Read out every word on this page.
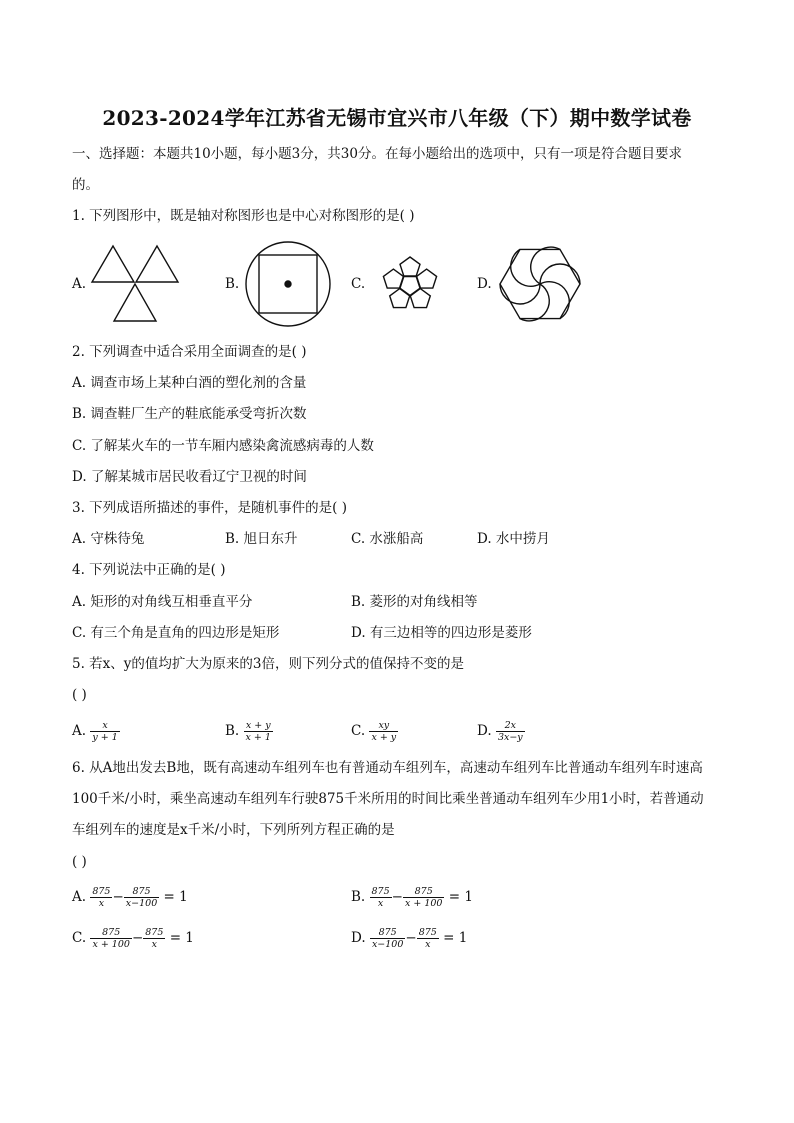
2023-2024学年江苏省无锡市宜兴市八年级（下）期中数学试卷
一、选择题：本题共10小题，每小题3分，共30分。在每小题给出的选项中，只有一项是符合题目要求
的。
1. 下列图形中，既是轴对称图形也是中心对称图形的是( )
A.	B.	C.	D.
2. 下列调查中适合采用全面调查的是( )
A. 调查市场上某种白酒的塑化剂的含量
B. 调查鞋厂生产的鞋底能承受弯折次数
C. 了解某火车的一节车厢内感染禽流感病毒的人数
D. 了解某城市居民收看辽宁卫视的时间
3. 下列成语所描述的事件，是随机事件的是( )
A. 守株待兔	B. 旭日东升	C. 水涨船高	D. 水中捞月
4. 下列说法中正确的是( )
A. 矩形的对角线互相垂直平分	B. 菱形的对角线相等
C. 有三个角是直角的四边形是矩形	D. 有三边相等的四边形是菱形
5. 若x、y的值均扩大为原来的3倍，则下列分式的值保持不变的是
( )
A. $\frac{x}{y + 1}$	B. $\frac{x + y}{x + 1}$	C. $\frac{xy}{x + y}$	D. $\frac{2x}{3x-y}$
6. 从A地出发去B地，既有高速动车组列车也有普通动车组列车，高速动车组列车比普通动车组列车时速高
100千米/小时，乘坐高速动车组列车行驶875千米所用的时间比乘坐普通动车组列车少用1小时，若普通动
车组列车的速度是x千米/小时，下列所列方程正确的是
( )
A. $\frac{875}{x} - \frac{875}{x-100} = 1$	B. $\frac{875}{x} - \frac{875}{x + 100} = 1$
C. $\frac{875}{x + 100} - \frac{875}{x} = 1$	D. $\frac{875}{x-100} - \frac{875}{x} = 1$
